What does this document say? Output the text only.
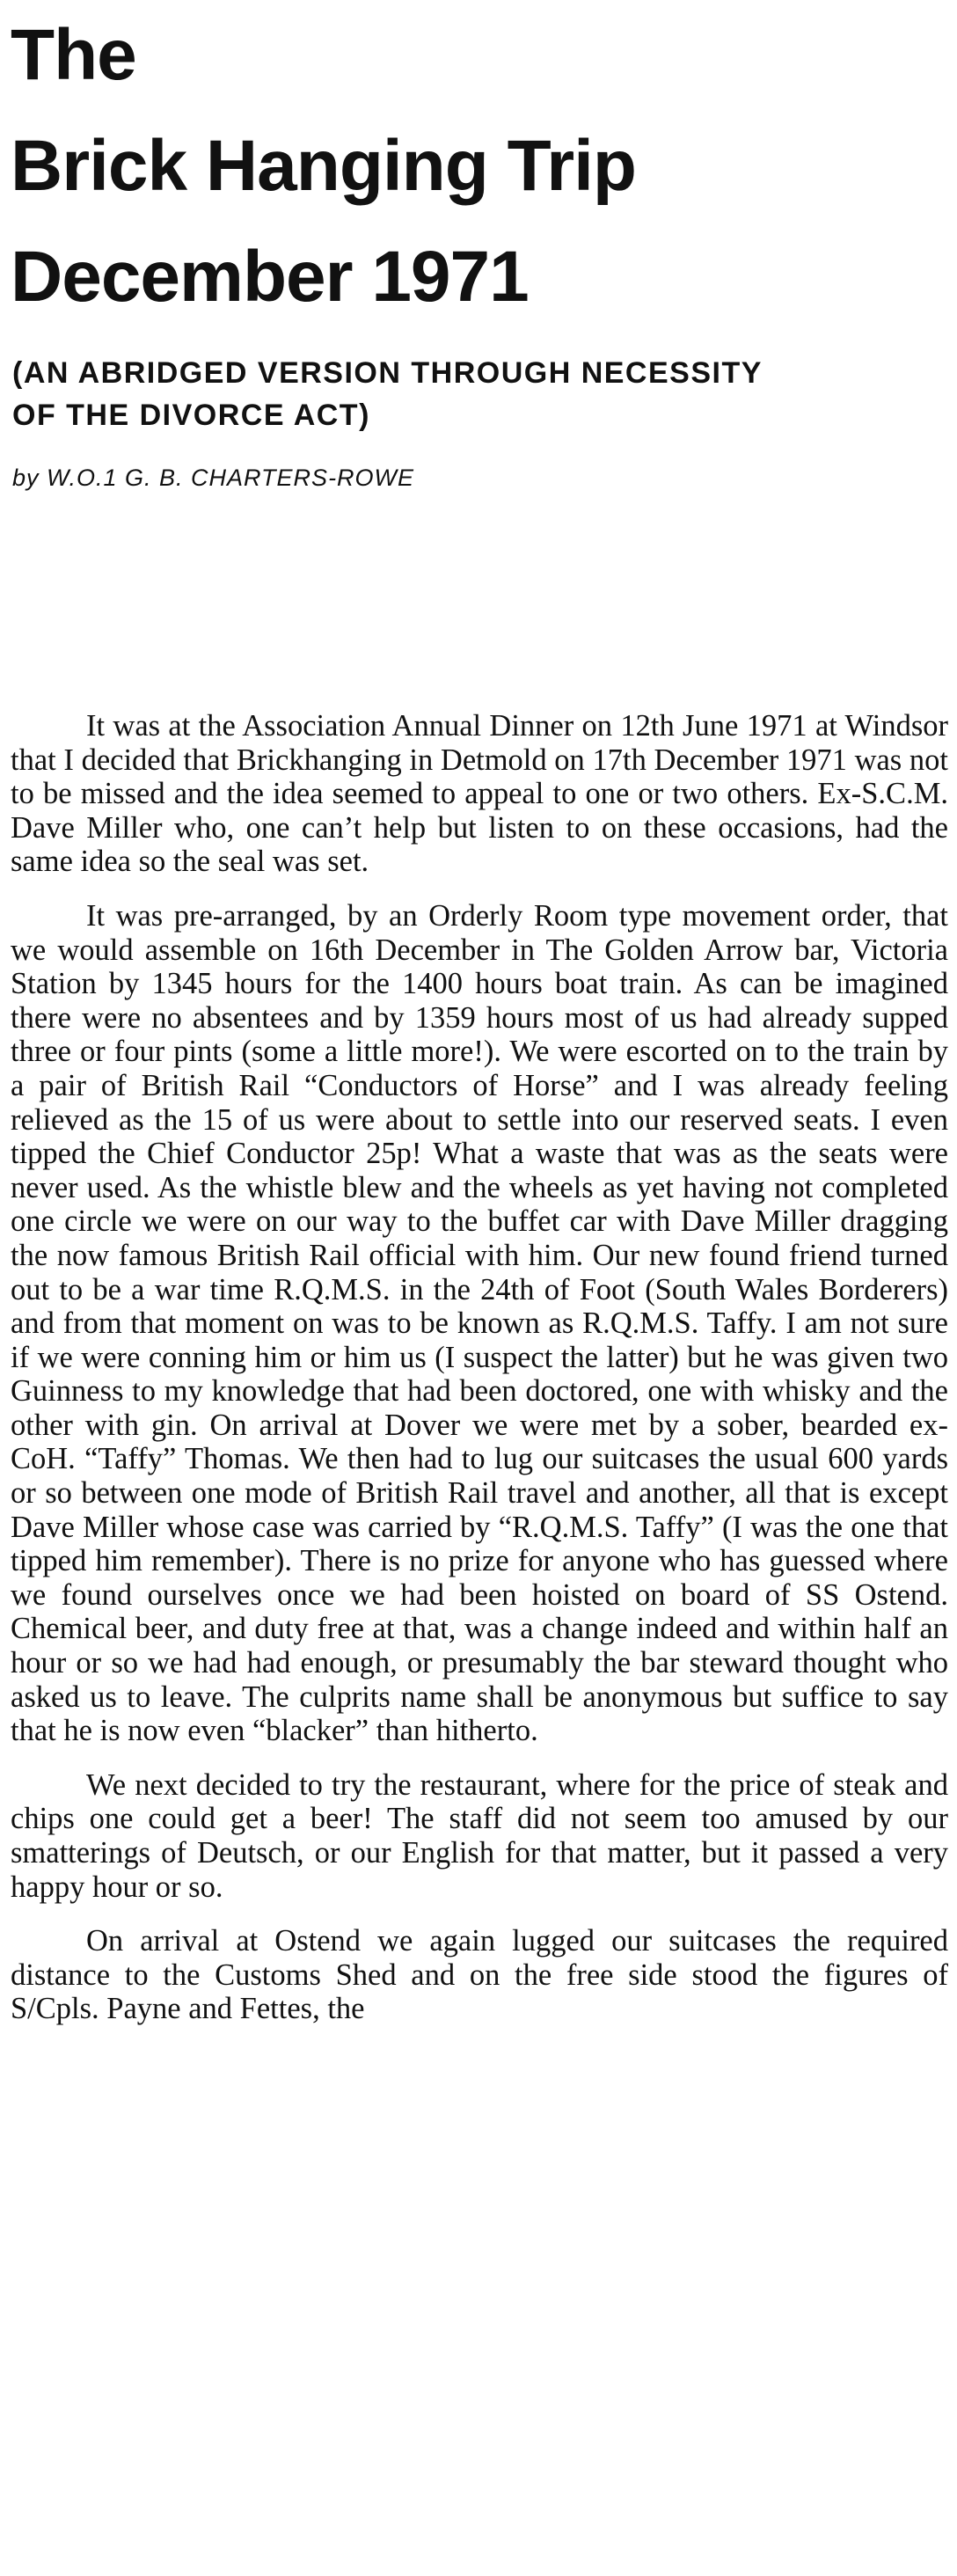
The
Brick Hanging Trip
December 1971
(AN ABRIDGED VERSION THROUGH NECESSITY
OF THE DIVORCE ACT)

by W.O.1 G. B. CHARTERS-ROWE

It was at the Association Annual Dinner on 12th June 1971 at Windsor that I decided that Brickhanging in Detmold on 17th December 1971 was not to be missed and the idea seemed to appeal to one or two others. Ex-S.C.M. Dave Miller who, one can’t help but listen to on these occasions, had the same idea so the seal was set.

It was pre-arranged, by an Orderly Room type movement order, that we would assemble on 16th December in The Golden Arrow bar, Victoria Station by 1345 hours for the 1400 hours boat train. As can be imagined there were no absentees and by 1359 hours most of us had already supped three or four pints (some a little more!). We were escorted on to the train by a pair of British Rail “Conductors of Horse” and I was already feeling relieved as the 15 of us were about to settle into our reserved seats. I even tipped the Chief Conductor 25p! What a waste that was as the seats were never used. As the whistle blew and the wheels as yet having not completed one circle we were on our way to the buffet car with Dave Miller dragging the now famous British Rail official with him. Our new found friend turned out to be a war time R.Q.M.S. in the 24th of Foot (South Wales Borderers) and from that moment on was to be known as R.Q.M.S. Taffy. I am not sure if we were conning him or him us (I suspect the latter) but he was given two Guinness to my knowledge that had been doctored, one with whisky and the other with gin. On arrival at Dover we were met by a sober, bearded ex-CoH. “Taffy” Thomas. We then had to lug our suitcases the usual 600 yards or so between one mode of British Rail travel and another, all that is except Dave Miller whose case was carried by “R.Q.M.S. Taffy” (I was the one that tipped him remember). There is no prize for anyone who has guessed where we found ourselves once we had been hoisted on board of SS Ostend. Chemical beer, and duty free at that, was a change indeed and within half an hour or so we had had enough, or presumably the bar steward thought who asked us to leave. The culprits name shall be anonymous but suffice to say that he is now even “blacker” than hitherto.

We next decided to try the restaurant, where for the price of steak and chips one could get a beer! The staff did not seem too amused by our smatterings of Deutsch, or our English for that matter, but it passed a very happy hour or so.

On arrival at Ostend we again lugged our suitcases the required distance to the Customs Shed and on the free side stood the figures of S/Cpls. Payne and Fettes, the
